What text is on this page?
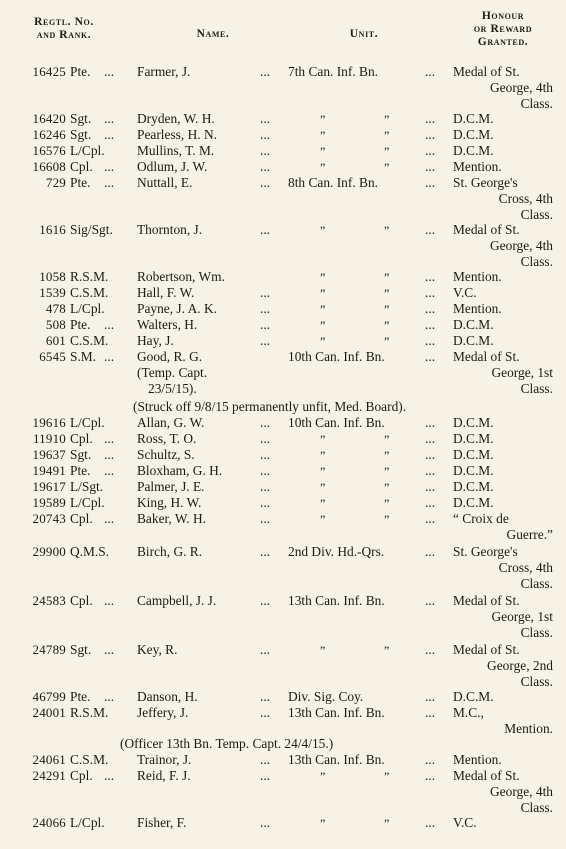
Regtl. No.
and Rank.	Name.	Unit.
Honour
or Reward
Granted.
16425 Pte. ... Farmer, J.	... 7th Can. Inf. Bn.	... Medal of St.
George, 4th
Class.
16420 Sgt. ... Dryden, W. H.	...	”	”	... D.C.M.
16246 Sgt. ... Pearless, H. N.	...	”	”	... D.C.M.
16576 L/Cpl. Mullins, T. M.	...	”	”	... D.C.M.
16608 Cpl. ... Odlum, J. W.	...	”	”	... Mention.
729 Pte. ... Nuttall, E.	... 8th Can. Inf. Bn.	... St. George's
Cross, 4th
Class.
1616 Sig/Sgt. Thornton, J.	...	”	”	... Medal of St.
George, 4th
Class.
1058 R.S.M. Robertson, Wm.	”	”	... Mention.
1539 C.S.M. Hall, F. W.	...	”	”	... V.C.
478 L/Cpl. Payne, J. A. K.	...	”	”	... Mention.
508 Pte. ... Walters, H.	...	”	”	... D.C.M.
601 C.S.M. Hay, J.	...	”	”	... D.C.M.
6545 S.M. ... Good, R. G.	10th Can. Inf. Bn.	... Medal of St.
George, 1st
Class.
(Temp. Capt.
23/5/15).
(Struck off 9/8/15 permanently unfit, Med. Board).
19616 L/Cpl. Allan, G. W.	... 10th Can. Inf. Bn.	... D.C.M.
11910 Cpl. ... Ross, T. O.	...	”	”	... D.C.M.
19637 Sgt. ... Schultz, S.	...	”	”	... D.C.M.
19491 Pte. ... Bloxham, G. H.	...	”	”	... D.C.M.
19617 L/Sgt.	Palmer, J. E.	...	”	”	... D.C.M.
19589 L/Cpl. King, H. W.	...	”	”	... D.C.M.
20743 Cpl. ... Baker, W. H.	...	”	”	... “ Croix de
Guerre.”
29900 Q.M.S. Birch, G. R.	... 2nd Div. Hd.-Qrs.	... St. George's
Cross, 4th
Class.
24583 Cpl. ... Campbell, J. J.	... 13th Can. Inf. Bn.	... Medal of St.
George, 1st
Class.
24789 Sgt. ... Key, R.	...	”	”	... Medal of St.
George, 2nd
Class.
46799 Pte. ... Danson, H.	... Div. Sig. Coy.	... D.C.M.
24001 R.S.M. Jeffery, J.	... 13th Can. Inf. Bn.	... M.C.,
Mention.
(Officer 13th Bn. Temp. Capt. 24/4/15.)
24061 C.S.M. Trainor, J.	... 13th Can. Inf. Bn.	... Mention.
24291 Cpl. ... Reid, F. J.	...	”	”	... Medal of St.
George, 4th
Class.
24066 L/Cpl. Fisher, F.	...	”	”	... V.C.
